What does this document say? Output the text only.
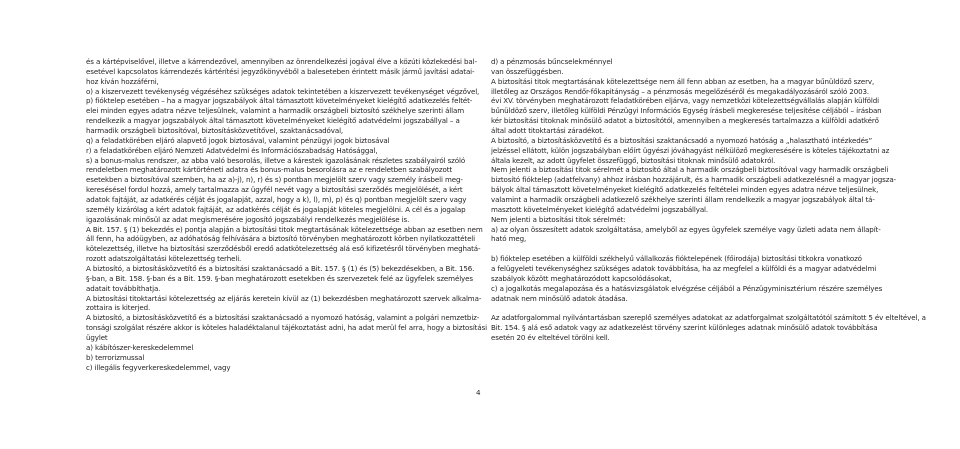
és a kártépviselővel, illetve a kárrendezővel, amennyiben az önrendelkezési jogával élve a közúti közlekedési bal-
esetével kapcsolatos kárrendezés kártérítési jegyzőkönyvéből a baleseteben érintett másik jármű javítási adatai-
hoz kíván hozzáférni,
o) a kiszervezett tevékenység végzéséhez szükséges adatok tekintetében a kiszervezett tevékenységet végzővel,
p) fióktelep esetében – ha a magyar jogszabályok által támasztott követelményeket kielégítő adatkezelés feltét-
elei minden egyes adatra nézve teljesülnek, valamint a harmadik országbeli biztosító székhelye szerinti állam
rendelkezik a magyar jogszabályok által támasztott követelményeket kielégítő adatvédelmi jogszabállyal – a
harmadik országbeli biztosítóval, biztosításközvetítővel, szaktanácsadóval,
q) a feladatkörében eljáró alapvető jogok biztosával, valamint pénzügyi jogok biztosával
r) a feladatkörében eljáró Nemzeti Adatvédelmi és Információszabadság Hatósággal,
s) a bonus-malus rendszer, az abba való besorolás, illetve a kárestek igazolásának részletes szabályairól szóló
rendeletben meghatározott kártörténeti adatra és bonus-malus besorolásra az e rendeletben szabályozott
esetekben a biztosítóval szemben, ha az a)-j), n), r) és s) pontban megjelölt szerv vagy személy írásbeli meg-
keresésésel fordul hozzá, amely tartalmazza az ügyfél nevét vagy a biztosítási szerződés megjelölését, a kért
adatok fajtáját, az adatkérés célját és jogalapját, azzal, hogy a k), l), m), p) és q) pontban megjelölt szerv vagy
személy kizárólag a kért adatok fajtáját, az adatkérés célját és jogalapját köteles megjelölni. A cél és a jogalap
igazolásának minősül az adat megismerésére jogosító jogszabályi rendelkezés megjelölése is.
A Bit. 157. § (1) bekezdés e) pontja alapján a biztosítási titok megtartásának kötelezettsége abban az esetben nem
áll fenn, ha adóügyben, az adóhatóság felhívására a biztosító törvényben meghatározott körben nyilatkozattételi
kötelezettség, illetve ha biztosítási szerződésből eredő adatkötelezettség alá eső kifizetésről törvényben meghatá-
rozott adatszolgáltatási kötelezettség terheli.
A biztosító, a biztosításközvetítő és a biztosítási szaktanácsadó a Bit. 157. § (1) és (5) bekezdésekben, a Bit. 156.
§-ban, a Bit. 158. §-ban és a Bit. 159. §-ban meghatározott esetekben és szervezetek felé az ügyfelek személyes
adatait továbbíthatja.
A biztosítási titoktartási kötelezettség az eljárás keretein kívül az (1) bekezdésben meghatározott szervek alkalma-
zottaira is kiterjed.
A biztosító, a biztosításközvetítő és a biztosítási szaktanácsadó a nyomozó hatóság, valamint a polgári nemzetbiz-
tonsági szolgálat részére akkor is köteles haladéktalanul tájékoztatást adni, ha adat merül fel arra, hogy a biztosítási
ügylet
a) kábítószer-kereskedelemmel
b) terrorizmussal
c) illegális fegyverkereskedelemmel, vagy
d) a pénzmosás bűncselekménnyel
van összefüggésben.
A biztosítási titok megtartásának kötelezettsége nem áll fenn abban az esetben, ha a magyar bűnüldöző szerv,
illetőleg az Országos Rendőr-főkapitányság – a pénzmosás megelőzéséről és megakadályozásáról szóló 2003.
évi XV. törvényben meghatározott feladatkörében eljárva, vagy nemzetközi kötelezettségvállalás alapján külföldi
bűnüldöző szerv, illetőleg külföldi Pénzügyi Információs Egység írásbeli megkeresése teljesítése céljából – írásban
kér biztosítási titoknak minősülő adatot a biztosítótól, amennyiben a megkeresés tartalmazza a külföldi adatkérő
által adott titoktartási záradékot.
A biztosító, a biztosításközvetítő és a biztosítási szaktanácsadó a nyomozó hatóság a „halasztható intézkedés”
jelzéssel ellátott, külön jogszabályban előírt ügyészi jóváhagyást nélkülöző megkeresésére is köteles tájékoztatni az
általa kezelt, az adott ügyfelet összefüggő, biztosítási titoknak minősülő adatokról.
Nem jelenti a biztosítási titok sérelmét a biztosító által a harmadik országbeli biztosítóval vagy harmadik országbeli
biztosító fióktelep (adatfelvany) ahhoz írásban hozzájárult, és a harmadik országbeli adatkezelésnél a magyar jogsza-
bályok által támasztott követelményeket kielégítő adatkezelés feltételei minden egyes adatra nézve teljesülnek,
valamint a harmadik országbeli adatkezelő székhelye szerinti állam rendelkezik a magyar jogszabályok által tá-
masztott követelményeket kielégítő adatvédelmi jogszabállyal.
Nem jelenti a biztosítási titok sérelmét:
a) az olyan összesített adatok szolgáltatása, amelyből az egyes ügyfelek személye vagy üzleti adata nem állapít-
ható meg,
b) fióktelep esetében a külföldi székhelyű vállalkozás fióktelepének (főirodája) biztosítási titkokra vonatkozó
a felügyeleti tevékenységhez szükséges adatok továbbítása, ha az megfelel a külföldi és a magyar adatvédelmi
szabályok között meghatározódott kapcsolódásokat,
c) a jogalkotás megalapozása és a hatásvizsgálatok elvégzése céljából a Pénzügyminisztérium részére személyes
adatnak nem minősülő adatok átadása.
Az adatforgalommal nyilvántartásban szereplő személyes adatokat az adatforgalmat szolgáltatótól számított 5 év elteltével, a
Bit. 154. § alá eső adatok vagy az adatkezelést törvény szerint különleges adatnak minősülő adatok továbbítása
esetén 20 év elteltével törölni kell.
4
